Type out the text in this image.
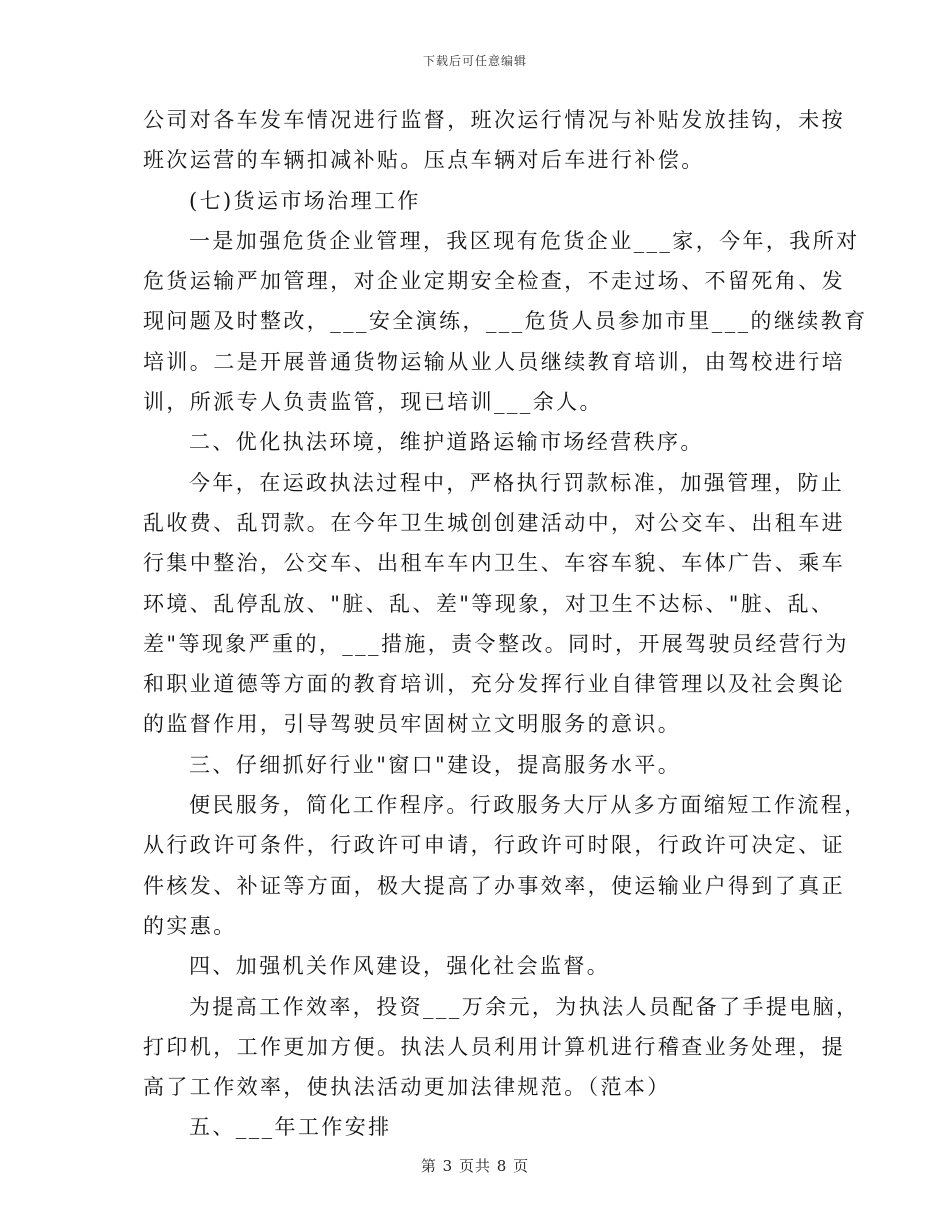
下载后可任意编辑
公司对各车发车情况进行监督，班次运行情况与补贴发放挂钩，未按
班次运营的车辆扣减补贴。压点车辆对后车进行补偿。
(七)货运市场治理工作
一是加强危货企业管理，我区现有危货企业___家，今年，我所对
危货运输严加管理，对企业定期安全检查，不走过场、不留死角、发
现问题及时整改，___安全演练，___危货人员参加市里___的继续教育
培训。二是开展普通货物运输从业人员继续教育培训，由驾校进行培
训，所派专人负责监管，现已培训___余人。
二、优化执法环境，维护道路运输市场经营秩序。
今年，在运政执法过程中，严格执行罚款标准，加强管理，防止
乱收费、乱罚款。在今年卫生城创创建活动中，对公交车、出租车进
行集中整治，公交车、出租车车内卫生、车容车貌、车体广告、乘车
环境、乱停乱放、"脏、乱、差"等现象，对卫生不达标、"脏、乱、
差"等现象严重的，___措施，责令整改。同时，开展驾驶员经营行为
和职业道德等方面的教育培训，充分发挥行业自律管理以及社会舆论
的监督作用，引导驾驶员牢固树立文明服务的意识。
三、仔细抓好行业"窗口"建设，提高服务水平。
便民服务，简化工作程序。行政服务大厅从多方面缩短工作流程，
从行政许可条件，行政许可申请，行政许可时限，行政许可决定、证
件核发、补证等方面，极大提高了办事效率，使运输业户得到了真正
的实惠。
四、加强机关作风建设，强化社会监督。
为提高工作效率，投资___万余元，为执法人员配备了手提电脑，
打印机，工作更加方便。执法人员利用计算机进行稽查业务处理，提
高了工作效率，使执法活动更加法律规范。（范本）
五、___年工作安排
第 3 页共 8 页
